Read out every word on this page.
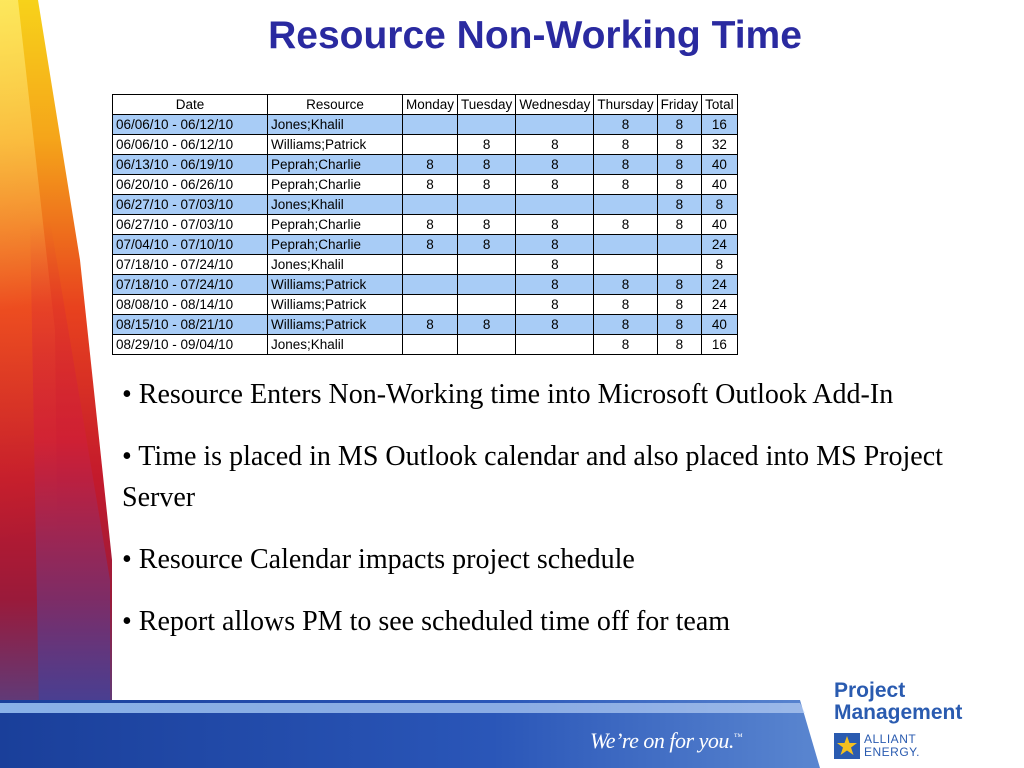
Resource Non-Working Time
Date	Resource	Monday	Tuesday	Wednesday	Thursday	Friday	Total
06/06/10 - 06/12/10	Jones;Khalil				8	8	16
06/06/10 - 06/12/10	Williams;Patrick		8	8	8	8	32
06/13/10 - 06/19/10	Peprah;Charlie	8	8	8	8	8	40
06/20/10 - 06/26/10	Peprah;Charlie	8	8	8	8	8	40
06/27/10 - 07/03/10	Jones;Khalil					8	8
06/27/10 - 07/03/10	Peprah;Charlie	8	8	8	8	8	40
07/04/10 - 07/10/10	Peprah;Charlie	8	8	8			24
07/18/10 - 07/24/10	Jones;Khalil			8			8
07/18/10 - 07/24/10	Williams;Patrick			8	8	8	24
08/08/10 - 08/14/10	Williams;Patrick			8	8	8	24
08/15/10 - 08/21/10	Williams;Patrick	8	8	8	8	8	40
08/29/10 - 09/04/10	Jones;Khalil				8	8	16

• Resource Enters Non-Working time into Microsoft Outlook Add-In

• Time is placed in MS Outlook calendar and also placed into MS Project Server

• Resource Calendar impacts project schedule

• Report allows PM to see scheduled time off for team

We’re on for you.™
Project
Management
ALLIANT
ENERGY.
